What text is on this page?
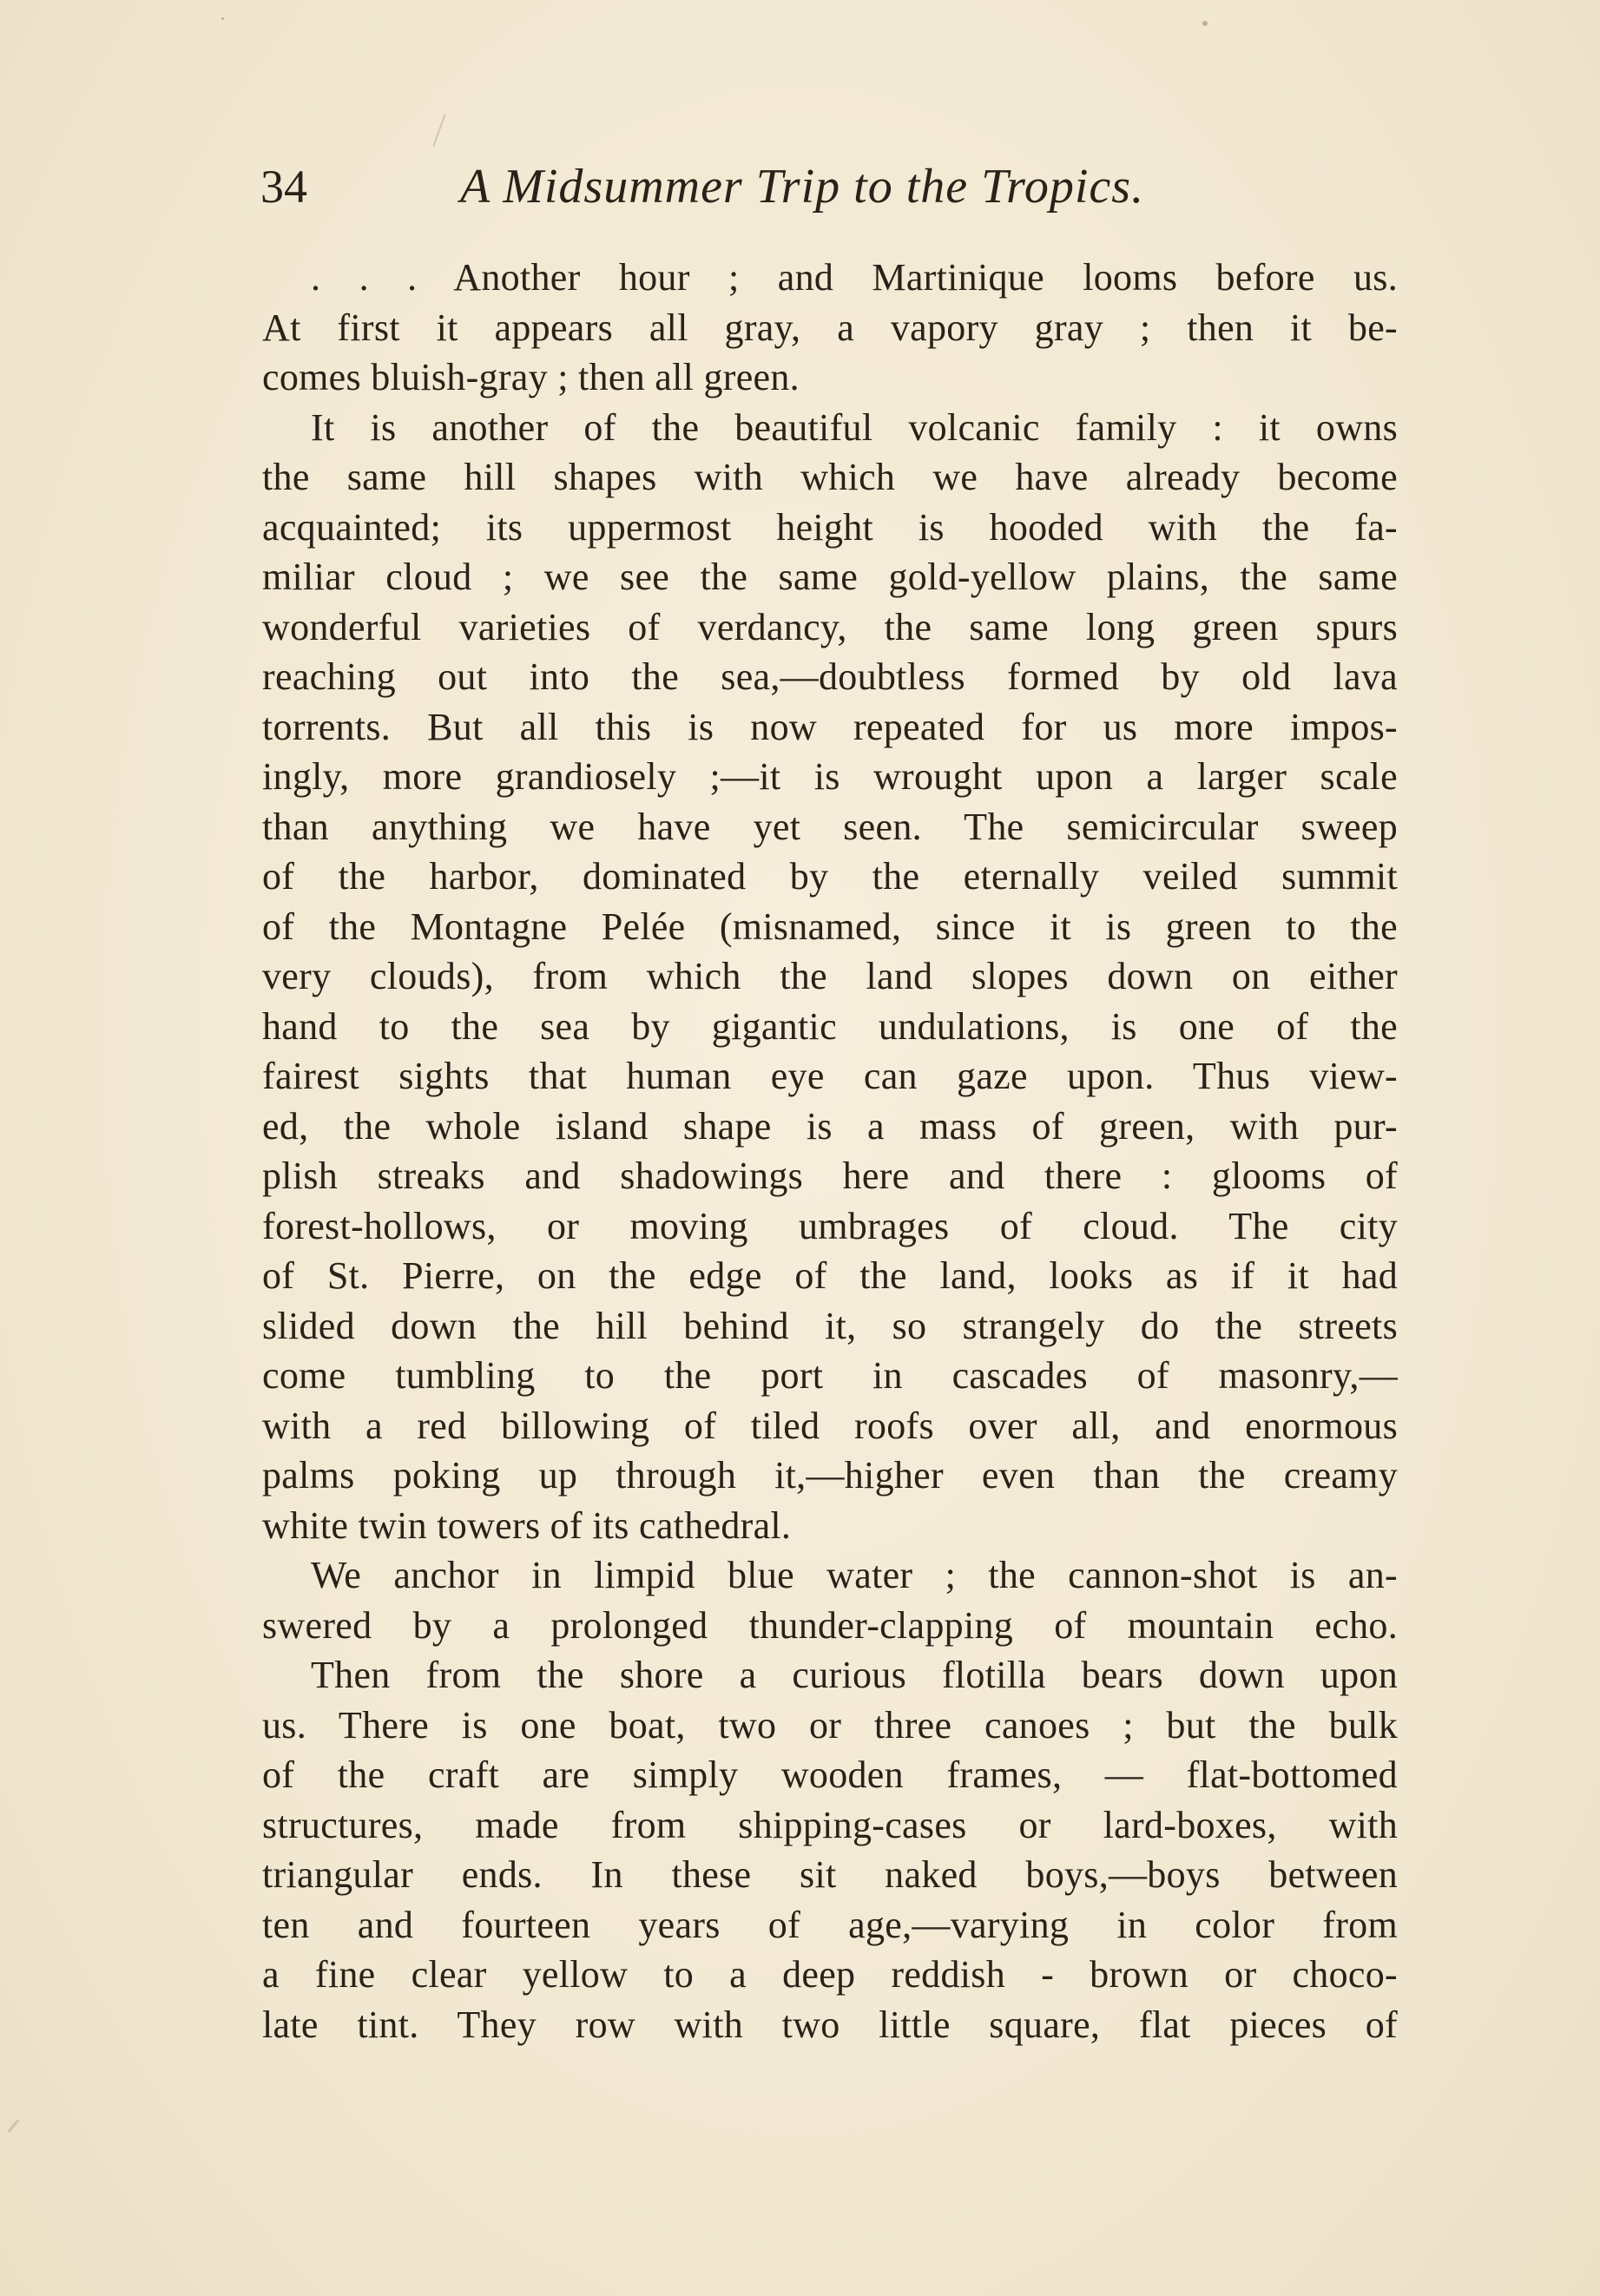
34	A Midsummer Trip to the Tropics.
. . . Another hour ; and Martinique looms before us.
At first it appears all gray, a vapory gray ; then it be-
comes bluish-gray ; then all green.
It is another of the beautiful volcanic family : it owns
the same hill shapes with which we have already become
acquainted; its uppermost height is hooded with the fa-
miliar cloud ; we see the same gold-yellow plains, the same
wonderful varieties of verdancy, the same long green spurs
reaching out into the sea,—doubtless formed by old lava
torrents. But all this is now repeated for us more impos-
ingly, more grandiosely ;—it is wrought upon a larger scale
than anything we have yet seen. The semicircular sweep
of the harbor, dominated by the eternally veiled summit
of the Montagne Pelée (misnamed, since it is green to the
very clouds), from which the land slopes down on either
hand to the sea by gigantic undulations, is one of the
fairest sights that human eye can gaze upon. Thus view-
ed, the whole island shape is a mass of green, with pur-
plish streaks and shadowings here and there : glooms of
forest-hollows, or moving umbrages of cloud. The city
of St. Pierre, on the edge of the land, looks as if it had
slided down the hill behind it, so strangely do the streets
come tumbling to the port in cascades of masonry,—
with a red billowing of tiled roofs over all, and enormous
palms poking up through it,—higher even than the creamy
white twin towers of its cathedral.
We anchor in limpid blue water ; the cannon-shot is an-
swered by a prolonged thunder-clapping of mountain echo.
Then from the shore a curious flotilla bears down upon
us. There is one boat, two or three canoes ; but the bulk
of the craft are simply wooden frames, — flat-bottomed
structures, made from shipping-cases or lard-boxes, with
triangular ends. In these sit naked boys,—boys between
ten and fourteen years of age,—varying in color from
a fine clear yellow to a deep reddish - brown or choco-
late tint. They row with two little square, flat pieces of
